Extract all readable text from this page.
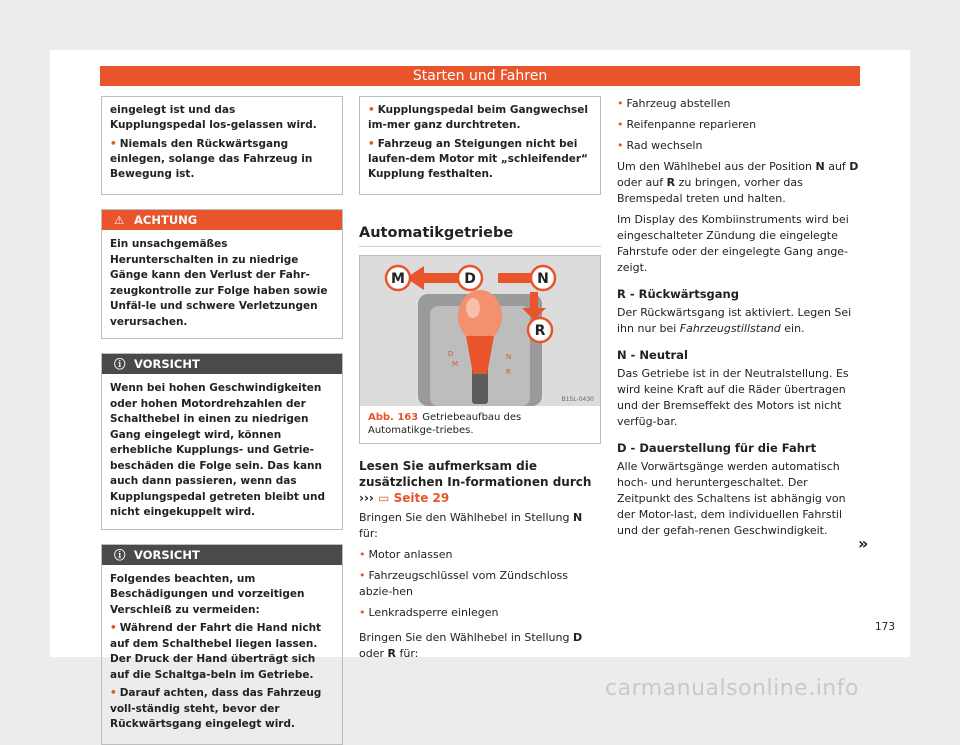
Starten und Fahren

eingelegt ist und das Kupplungspedal los-gelassen wird.

• Niemals den Rückwärtsgang einlegen, solange das Fahrzeug in Bewegung ist.

⚠ ACHTUNG
Ein unsachgemäßes Herunterschalten in zu niedrige Gänge kann den Verlust der Fahr-zeugkontrolle zur Folge haben sowie Unfäl-le und schwere Verletzungen verursachen.
ⓘ VORSICHT
Wenn bei hohen Geschwindigkeiten oder hohen Motordrehzahlen der Schalthebel in einen zu niedrigen Gang eingelegt wird, können erhebliche Kupplungs- und Getrie-beschäden die Folge sein. Das kann auch dann passieren, wenn das Kupplungspedal getreten bleibt und nicht eingekuppelt wird.
ⓘ VORSICHT

Folgendes beachten, um Beschädigungen und vorzeitigen Verschleiß zu vermeiden:

• Während der Fahrt die Hand nicht auf dem Schalthebel liegen lassen. Der Druck der Hand überträgt sich auf die Schaltga-beln im Getriebe.

• Darauf achten, dass das Fahrzeug voll-ständig steht, bevor der Rückwärtsgang eingelegt wird.

• Kupplungspedal beim Gangwechsel im-mer ganz durchtreten.

• Fahrzeug an Steigungen nicht bei laufen-dem Motor mit „schleifender“ Kupplung festhalten.

Automatikgetriebe
M	D	N
R
D
M
N
R
B1SL-0430
Abb. 163 Getriebeaufbau des Automatikge-triebes.
Lesen Sie aufmerksam die zusätzlichen In-formationen durch ››› ▭ Seite 29

Bringen Sie den Wählhebel in Stellung N für:

• Motor anlassen

• Fahrzeugschlüssel vom Zündschloss abzie-hen

• Lenkradsperre einlegen

Bringen Sie den Wählhebel in Stellung D oder R für:

• Fahrzeug abstellen

• Reifenpanne reparieren

• Rad wechseln

Um den Wählhebel aus der Position N auf D oder auf R zu bringen, vorher das Bremspedal treten und halten.

Im Display des Kombiinstruments wird bei eingeschalteter Zündung die eingelegte Fahrstufe oder der eingelegte Gang ange-zeigt.

R - Rückwärtsgang

Der Rückwärtsgang ist aktiviert. Legen Sei ihn nur bei Fahrzeugstillstand ein.

N - Neutral

Das Getriebe ist in der Neutralstellung. Es wird keine Kraft auf die Räder übertragen und der Bremseffekt des Motors ist nicht verfüg-bar.

D - Dauerstellung für die Fahrt

Alle Vorwärtsgänge werden automatisch hoch- und heruntergeschaltet. Der Zeitpunkt des Schaltens ist abhängig von der Motor-last, dem individuellen Fahrstil und der gefah-renen Geschwindigkeit.

»
173
carmanualsonline.info
